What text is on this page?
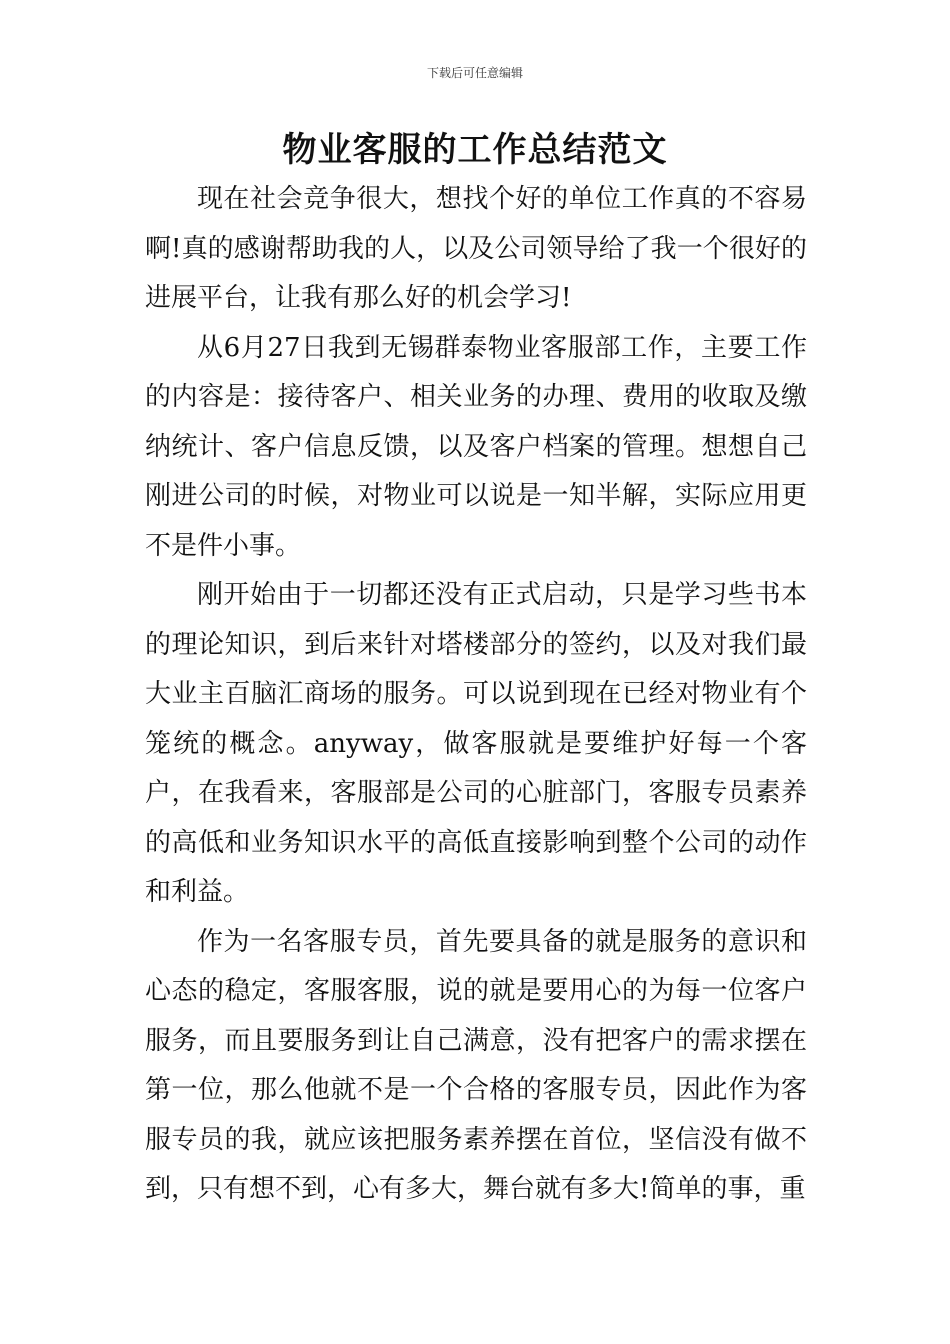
下载后可任意编辑
物业客服的工作总结范文

现在社会竞争很大，想找个好的单位工作真的不容易啊!真的感谢帮助我的人，以及公司领导给了我一个很好的进展平台，让我有那么好的机会学习!

从6月27日我到无锡群泰物业客服部工作，主要工作的内容是：接待客户、相关业务的办理、费用的收取及缴纳统计、客户信息反馈，以及客户档案的管理。想想自己刚进公司的时候，对物业可以说是一知半解，实际应用更不是件小事。

刚开始由于一切都还没有正式启动，只是学习些书本的理论知识，到后来针对塔楼部分的签约，以及对我们最大业主百脑汇商场的服务。可以说到现在已经对物业有个笼统的概念。anyway，做客服就是要维护好每一个客户，在我看来，客服部是公司的心脏部门，客服专员素养的高低和业务知识水平的高低直接影响到整个公司的动作和利益。

作为一名客服专员，首先要具备的就是服务的意识和心态的稳定，客服客服，说的就是要用心的为每一位客户服务，而且要服务到让自己满意，没有把客户的需求摆在第一位，那么他就不是一个合格的客服专员，因此作为客服专员的我，就应该把服务素养摆在首位，坚信没有做不到，只有想不到，心有多大，舞台就有多大!简单的事，重
